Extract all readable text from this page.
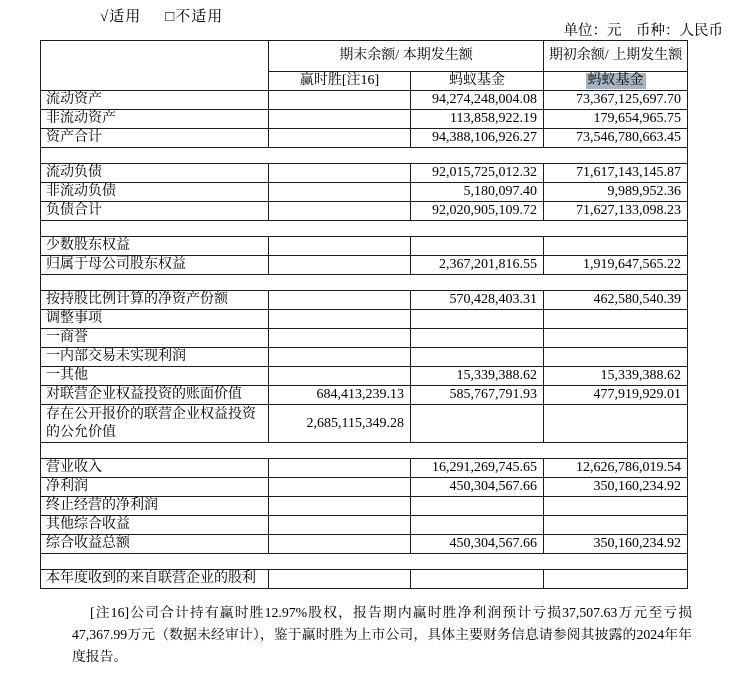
√适用 □不适用
单位：元　币种：人民币
	期末余额/ 本期发生额		期初余额/ 上期发生额
	赢时胜[注16]	蚂蚁基金	蚂蚁基金
流动资产		94,274,248,004.08	73,367,125,697.70
非流动资产		113,858,922.19	179,654,965.75
资产合计		94,388,106,926.27	73,546,780,663.45

流动负债		92,015,725,012.32	71,617,143,145.87
非流动负债		5,180,097.40	9,989,952.36
负债合计		92,020,905,109.72	71,627,133,098.23

少数股东权益			
归属于母公司股东权益		2,367,201,816.55	1,919,647,565.22

按持股比例计算的净资产份额		570,428,403.31	462,580,540.39
调整事项			
一商誉			
一内部交易未实现利润			
一其他		15,339,388.62	15,339,388.62
对联营企业权益投资的账面价值	684,413,239.13	585,767,791.93	477,919,929.01
存在公开报价的联营企业权益投资的公允价值	2,685,115,349.28		

营业收入		16,291,269,745.65	12,626,786,019.54
净利润		450,304,567.66	350,160,234.92
终止经营的净利润			
其他综合收益			
综合收益总额		450,304,567.66	350,160,234.92

本年度收到的来自联营企业的股利			

[注16]公司合计持有赢时胜12.97%股权，报告期内赢时胜净利润预计亏损37,507.63万元至亏损47,367.99万元（数据未经审计），鉴于赢时胜为上市公司，具体主要财务信息请参阅其披露的2024年年度报告。
